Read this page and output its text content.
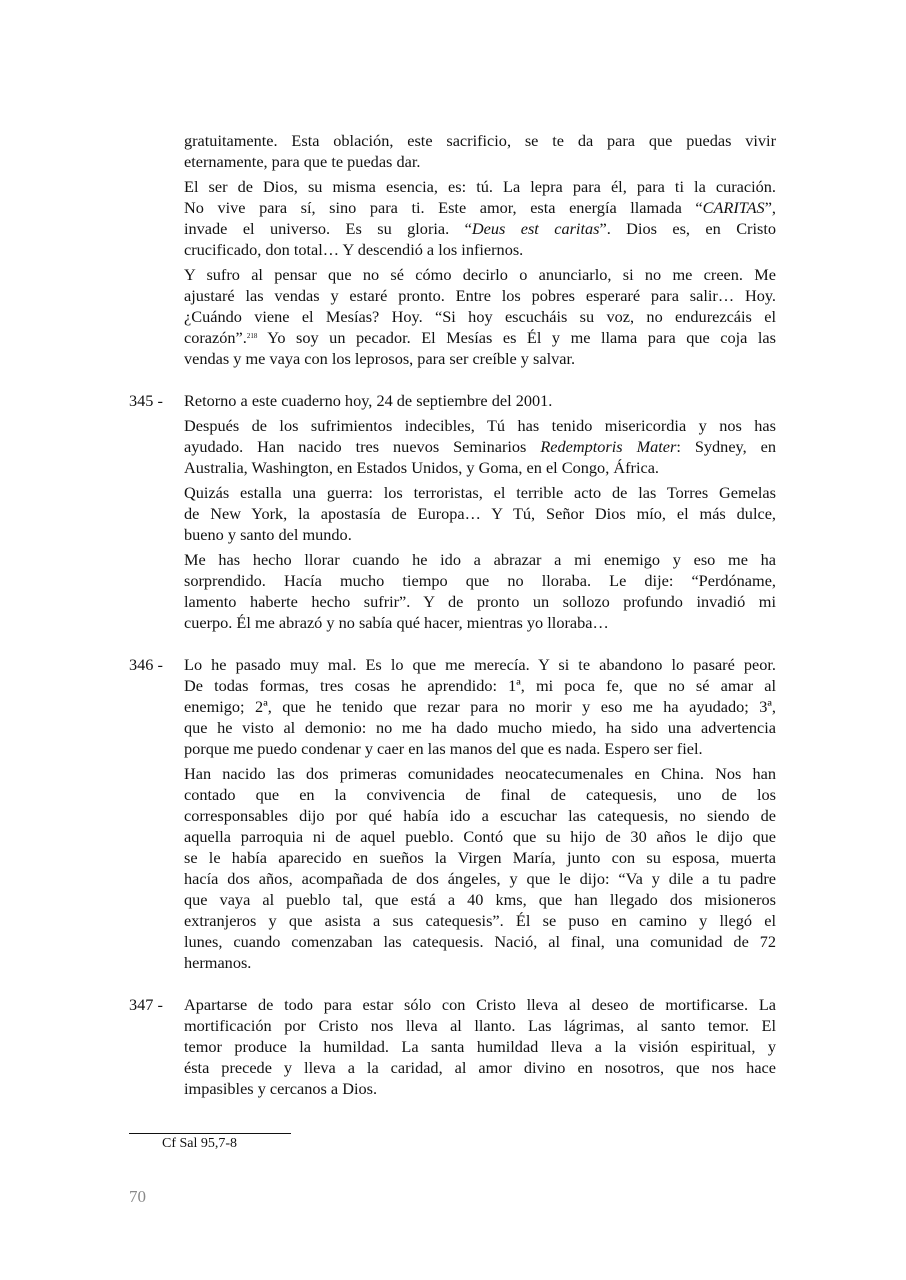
gratuitamente. Esta oblación, este sacrificio, se te da para que puedas vivir
eternamente, para que te puedas dar.
El ser de Dios, su misma esencia, es: tú. La lepra para él, para ti la curación.
No vive para sí, sino para ti. Este amor, esta energía llamada “CARITAS”,
invade el universo. Es su gloria. “Deus est caritas”. Dios es, en Cristo
crucificado, don total… Y descendió a los infiernos.
Y sufro al pensar que no sé cómo decirlo o anunciarlo, si no me creen. Me
ajustaré las vendas y estaré pronto. Entre los pobres esperaré para salir… Hoy.
¿Cuándo viene el Mesías? Hoy. “Si hoy escucháis su voz, no endurezcáis el
corazón”.$^{218}$ Yo soy un pecador. El Mesías es Él y me llama para que coja las
vendas y me vaya con los leprosos, para ser creíble y salvar.
345 - Retorno a este cuaderno hoy, 24 de septiembre del 2001.
Después de los sufrimientos indecibles, Tú has tenido misericordia y nos has
ayudado. Han nacido tres nuevos Seminarios Redemptoris Mater: Sydney, en
Australia, Washington, en Estados Unidos, y Goma, en el Congo, África.
Quizás estalla una guerra: los terroristas, el terrible acto de las Torres Gemelas
de New York, la apostasía de Europa… Y Tú, Señor Dios mío, el más dulce,
bueno y santo del mundo.
Me has hecho llorar cuando he ido a abrazar a mi enemigo y eso me ha
sorprendido. Hacía mucho tiempo que no lloraba. Le dije: “Perdóname,
lamento haberte hecho sufrir”. Y de pronto un sollozo profundo invadió mi
cuerpo. Él me abrazó y no sabía qué hacer, mientras yo lloraba…
346 - Lo he pasado muy mal. Es lo que me merecía. Y si te abandono lo pasaré peor.
De todas formas, tres cosas he aprendido: 1ª, mi poca fe, que no sé amar al
enemigo; 2ª, que he tenido que rezar para no morir y eso me ha ayudado; 3ª,
que he visto al demonio: no me ha dado mucho miedo, ha sido una advertencia
porque me puedo condenar y caer en las manos del que es nada. Espero ser fiel.
Han nacido las dos primeras comunidades neocatecumenales en China. Nos han
contado que en la convivencia de final de catequesis, uno de los
corresponsables dijo por qué había ido a escuchar las catequesis, no siendo de
aquella parroquia ni de aquel pueblo. Contó que su hijo de 30 años le dijo que
se le había aparecido en sueños la Virgen María, junto con su esposa, muerta
hacía dos años, acompañada de dos ángeles, y que le dijo: “Va y dile a tu padre
que vaya al pueblo tal, que está a 40 kms, que han llegado dos misioneros
extranjeros y que asista a sus catequesis”. Él se puso en camino y llegó el
lunes, cuando comenzaban las catequesis. Nació, al final, una comunidad de 72
hermanos.
347 - Apartarse de todo para estar sólo con Cristo lleva al deseo de mortificarse. La
mortificación por Cristo nos lleva al llanto. Las lágrimas, al santo temor. El
temor produce la humildad. La santa humildad lleva a la visión espiritual, y
ésta precede y lleva a la caridad, al amor divino en nosotros, que nos hace
impasibles y cercanos a Dios.
Cf Sal 95,7-8
70
